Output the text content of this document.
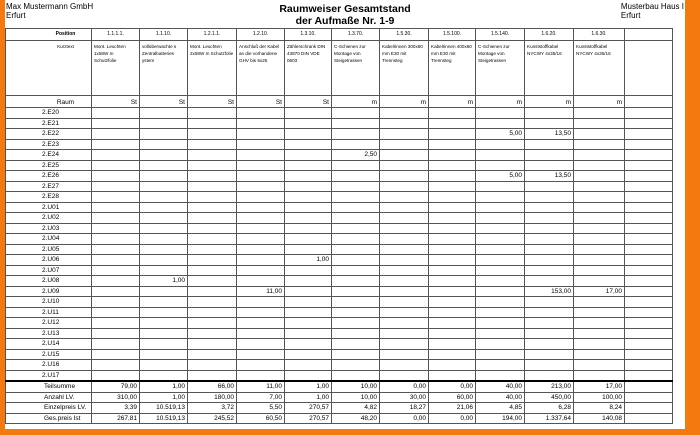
Max Mustermann GmbH
Erfurt
Raumweiser Gesamtstand
der Aufmaße Nr. 1-9
Musterbau Haus I
Erfurt
Position	1.1.1.1.	1.1.10.	1.2.1.1.	1.2.10.	1.3.10.	1.3.70.	1.5.30.	1.5.100.	1.5.140.	1.6.20.	1.6.30.	
Kurztext	Mont. Leuchten 1x58W m Schutzfolie	vollüberwachte s Zentralbatteries ystem	Mont. Leuchten 2x58W m Schutzfolie	Anschluß der Kabel an die vorhandene GHV bis 5x25	Zählerschrank DIN 43870 DIN VDE 0603	C-Schienen zur Montage von Steigetrassen	Kabelrinnen 300x60 mm E30 mit Trennsteg	Kabelrinnen 400x60 mm E30 mit Trennsteg	C-Schienen zur Montage von Steigetrassen	Kunststoffkabel NYCWY 4x35/16	Kunststoffkabel NYCWY 4x35/16	
Raum	St	St	St	St	St	m	m	m	m	m	m	
2.E20												
2.E21												
2.E22									5,00	13,50		
2.E23												
2.E24						2,50						
2.E25												
2.E26									5,00	13,50		
2.E27												
2.E28												
2.U01												
2.U02												
2.U03												
2.U04												
2.U05												
2.U06					1,00							
2.U07												
2.U08		1,00										
2.U09				11,00						153,00	17,00	
2.U10												
2.U11												
2.U12												
2.U13												
2.U14												
2.U15												
2.U16												
2.U17												
Teilsumme	79,00	1,00	66,00	11,00	1,00	10,00	0,00	0,00	40,00	213,00	17,00	
Anzahl LV.	310,00	1,00	180,00	7,00	1,00	10,00	30,00	60,00	40,00	450,00	100,00	
Einzelpreis LV.	3,39	10.519,13	3,72	5,50	270,57	4,82	18,27	21,06	4,85	6,28	8,24	
Ges.preis Ist	267,81	10.519,13	245,52	60,50	270,57	48,20	0,00	0,00	194,00	1.337,64	140,08	
